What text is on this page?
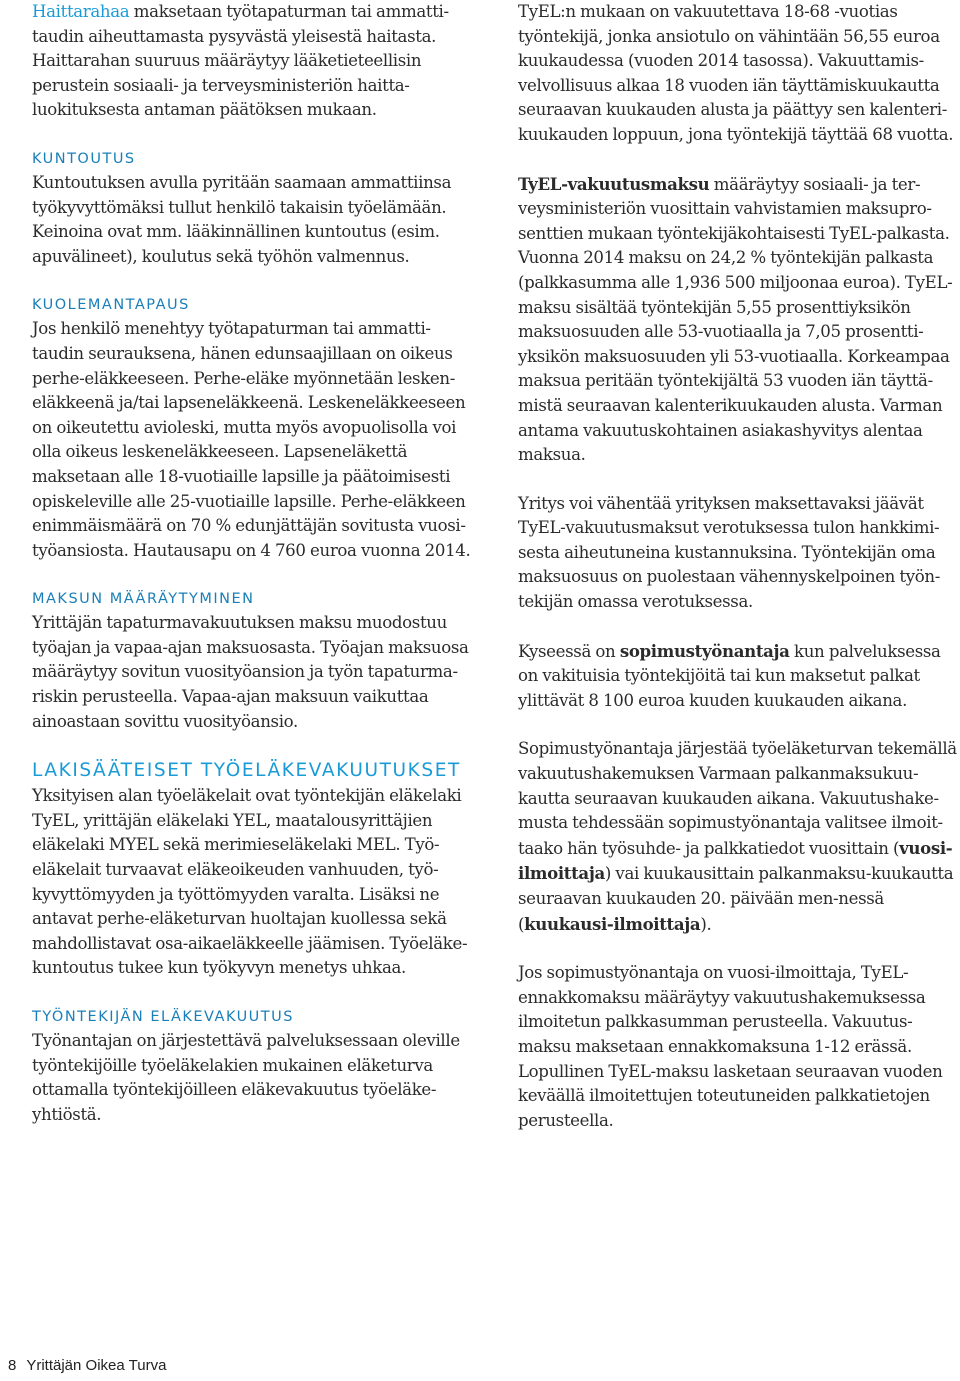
Haittarahaa maksetaan työtapaturman tai ammatti-taudin aiheuttamasta pysyvästä yleisestä haitasta. Haittarahan suuruus määräytyy lääketieteellisin perustein sosiaali- ja terveysministeriön haitta-luokituksesta antaman päätöksen mukaan.

KUNTOUTUS

Kuntoutuksen avulla pyritään saamaan ammattiinsa työkyvyttömäksi tullut henkilö takaisin työelämään. Keinoina ovat mm. lääkinnällinen kuntoutus (esim. apuvälineet), koulutus sekä työhön valmennus.

KUOLEMANTAPAUS

Jos henkilö menehtyy työtapaturman tai ammatti-taudin seurauksena, hänen edunsaajillaan on oikeus perhe-eläkkeeseen. Perhe-eläke myönnetään lesken-eläkkeenä ja/tai lapseneläkkeenä. Leskeneläkkeeseen on oikeutettu avioleski, mutta myös avopuolisolla voi olla oikeus leskeneläkkeeseen. Lapseneläkettä maksetaan alle 18-vuotiaille lapsille ja päätoimisesti opiskeleville alle 25-vuotiaille lapsille. Perhe-eläkkeen enimmäismäärä on 70 % edunjättäjän sovitusta vuosi-työansiosta. Hautausapu on 4 760 euroa vuonna 2014.

MAKSUN MÄÄRÄYTYMINEN

Yrittäjän tapaturmavakuutuksen maksu muodostuu työajan ja vapaa-ajan maksuosasta. Työajan maksuosa määräytyy sovitun vuosityöansion ja työn tapaturma-riskin perusteella. Vapaa-ajan maksuun vaikuttaa ainoastaan sovittu vuosityöansio.

LAKISÄÄTEISET TYÖELÄKEVAKUUTUKSET

Yksityisen alan työeläkelait ovat työntekijän eläkelaki TyEL, yrittäjän eläkelaki YEL, maatalousyrittäjien eläkelaki MYEL sekä merimieseläkelaki MEL. Työ-eläkelait turvaavat eläkeoikeuden vanhuuden, työ-kyvyttömyyden ja työttömyyden varalta. Lisäksi ne antavat perhe-eläketurvan huoltajan kuollessa sekä mahdollistavat osa-aikaeläkkeelle jäämisen. Työeläke-kuntoutus tukee kun työkyvyn menetys uhkaa.

TYÖNTEKIJÄN ELÄKEVAKUUTUS

Työnantajan on järjestettävä palveluksessaan oleville työntekijöille työeläkelakien mukainen eläketurva ottamalla työntekijöilleen eläkevakuutus työeläke-yhtiöstä.

TyEL:n mukaan on vakuutettava 18-68 -vuotias työntekijä, jonka ansiotulo on vähintään 56,55 euroa kuukaudessa (vuoden 2014 tasossa). Vakuuttamis-velvollisuus alkaa 18 vuoden iän täyttämiskuukautta seuraavan kuukauden alusta ja päättyy sen kalenteri-kuukauden loppuun, jona työntekijä täyttää 68 vuotta.

TyEL-vakuutusmaksu määräytyy sosiaali- ja ter-veysministeriön vuosittain vahvistamien maksupro-senttien mukaan työntekijäkohtaisesti TyEL-palkasta. Vuonna 2014 maksu on 24,2 % työntekijän palkasta (palkkasumma alle 1,936 500 miljoonaa euroa). TyEL-maksu sisältää työntekijän 5,55 prosenttiyksikön maksuosuuden alle 53-vuotiaalla ja 7,05 prosentti-yksikön maksuosuuden yli 53-vuotiaalla. Korkeampaa maksua peritään työntekijältä 53 vuoden iän täyttä-mistä seuraavan kalenterikuukauden alusta. Varman antama vakuutuskohtainen asiakashyvitys alentaa maksua.

Yritys voi vähentää yrityksen maksettavaksi jäävät TyEL-vakuutusmaksut verotuksessa tulon hankkimi-sesta aiheutuneina kustannuksina. Työntekijän oma maksuosuus on puolestaan vähennyskelpoinen työn-tekijän omassa verotuksessa.

Kyseessä on sopimustyönantaja kun palveluksessa on vakituisia työntekijöitä tai kun maksetut palkat ylittävät 8 100 euroa kuuden kuukauden aikana.

Sopimustyönantaja järjestää työeläketurvan tekemällä vakuutushakemuksen Varmaan palkanmaksukuu-kautta seuraavan kuukauden aikana. Vakuutushake-musta tehdessään sopimustyönantaja valitsee ilmoit-taako hän työsuhde- ja palkkatiedot vuosittain (vuosi-ilmoittaja) vai kuukausittain palkanmaksu-kuukautta seuraavan kuukauden 20. päivään men-nessä (kuukausi-ilmoittaja).

Jos sopimustyönantaja on vuosi-ilmoittaja, TyEL-ennakkomaksu määräytyy vakuutushakemuksessa ilmoitetun palkkasumman perusteella. Vakuutus-maksu maksetaan ennakkomaksuna 1-12 erässä. Lopullinen TyEL-maksu lasketaan seuraavan vuoden keväällä ilmoitettujen toteutuneiden palkkatietojen perusteella.

8 Yrittäjän Oikea Turva
